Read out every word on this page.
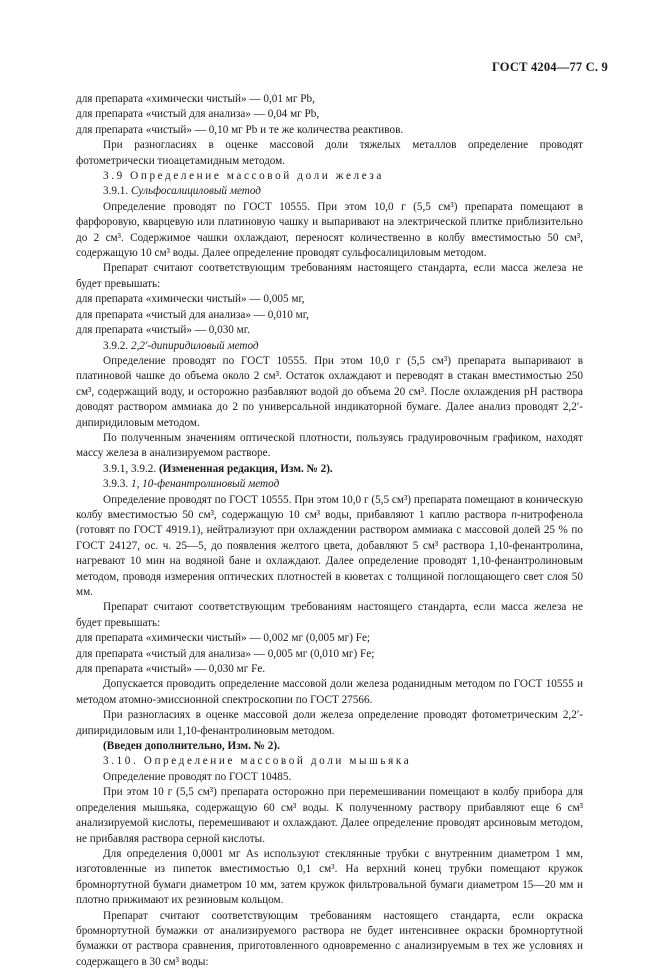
ГОСТ 4204—77 С. 9

для препарата «химически чистый» — 0,01 мг Pb,

для препарата «чистый для анализа» — 0,04 мг Pb,

для препарата «чистый» — 0,10 мг Pb и те же количества реактивов.

При разногласиях в оценке массовой доли тяжелых металлов определение проводят фотометрически тиоацетамидным методом.

3.9 Определение массовой доли железа

3.9.1. Сульфосалициловый метод

Определение проводят по ГОСТ 10555. При этом 10,0 г (5,5 см³) препарата помещают в фарфоровую, кварцевую или платиновую чашку и выпаривают на электрической плитке приблизительно до 2 см³. Содержимое чашки охлаждают, переносят количественно в колбу вместимостью 50 см³, содержащую 10 см³ воды. Далее определение проводят сульфосалициловым методом.

Препарат считают соответствующим требованиям настоящего стандарта, если масса железа не будет превышать:

для препарата «химически чистый» — 0,005 мг,

для препарата «чистый для анализа» — 0,010 мг,

для препарата «чистый» — 0,030 мг.

3.9.2. 2,2′-дипиридиловый метод

Определение проводят по ГОСТ 10555. При этом 10,0 г (5,5 см³) препарата выпаривают в платиновой чашке до объема около 2 см³. Остаток охлаждают и переводят в стакан вместимостью 250 см³, содержащий воду, и осторожно разбавляют водой до объема 20 см³. После охлаждения рН раствора доводят раствором аммиака до 2 по универсальной индикаторной бумаге. Далее анализ проводят 2,2′-дипиридиловым методом.

По полученным значениям оптической плотности, пользуясь градуировочным графиком, находят массу железа в анализируемом растворе.

3.9.1, 3.9.2. (Измененная редакция, Изм. № 2).

3.9.3. 1, 10-фенантролиновый метод

Определение проводят по ГОСТ 10555. При этом 10,0 г (5,5 см³) препарата помещают в коническую колбу вместимостью 50 см³, содержащую 10 см³ воды, прибавляют 1 каплю раствора n-нитрофенола (готовят по ГОСТ 4919.1), нейтрализуют при охлаждении раствором аммиака с массовой долей 25 % по ГОСТ 24127, ос. ч. 25—5, до появления желтого цвета, добавляют 5 см³ раствора 1,10-фенантролина, нагревают 10 мин на водяной бане и охлаждают. Далее определение проводят 1,10-фенантролиновым методом, проводя измерения оптических плотностей в кюветах с толщиной поглощающего свет слоя 50 мм.

Препарат считают соответствующим требованиям настоящего стандарта, если масса железа не будет превышать:

для препарата «химически чистый» — 0,002 мг (0,005 мг) Fe;

для препарата «чистый для анализа» — 0,005 мг (0,010 мг) Fe;

для препарата «чистый» — 0,030 мг Fe.

Допускается проводить определение массовой доли железа роданидным методом по ГОСТ 10555 и методом атомно-эмиссионной спектроскопии по ГОСТ 27566.

При разногласиях в оценке массовой доли железа определение проводят фотометрическим 2,2′-дипиридиловым или 1,10-фенантролиновым методом.

(Введен дополнительно, Изм. № 2).

3.10. Определение массовой доли мышьяка

Определение проводят по ГОСТ 10485.

При этом 10 г (5,5 см³) препарата осторожно при перемешивании помещают в колбу прибора для определения мышьяка, содержащую 60 см³ воды. К полученному раствору прибавляют еще 6 см³ анализируемой кислоты, перемешивают и охлаждают. Далее определение проводят арсиновым методом, не прибавляя раствора серной кислоты.

Для определения 0,0001 мг As используют стеклянные трубки с внутренним диаметром 1 мм, изготовленные из пипеток вместимостью 0,1 см³. На верхний конец трубки помещают кружок бромнортутной бумаги диаметром 10 мм, затем кружок фильтровальной бумаги диаметром 15—20 мм и плотно прижимают их резиновым кольцом.

Препарат считают соответствующим требованиям настоящего стандарта, если окраска бромнортутной бумажки от анализируемого раствора не будет интенсивнее окраски бромнортутной бумажки от раствора сравнения, приготовленного одновременно с анализируемым в тех же условиях и содержащего в 30 см³ воды:
